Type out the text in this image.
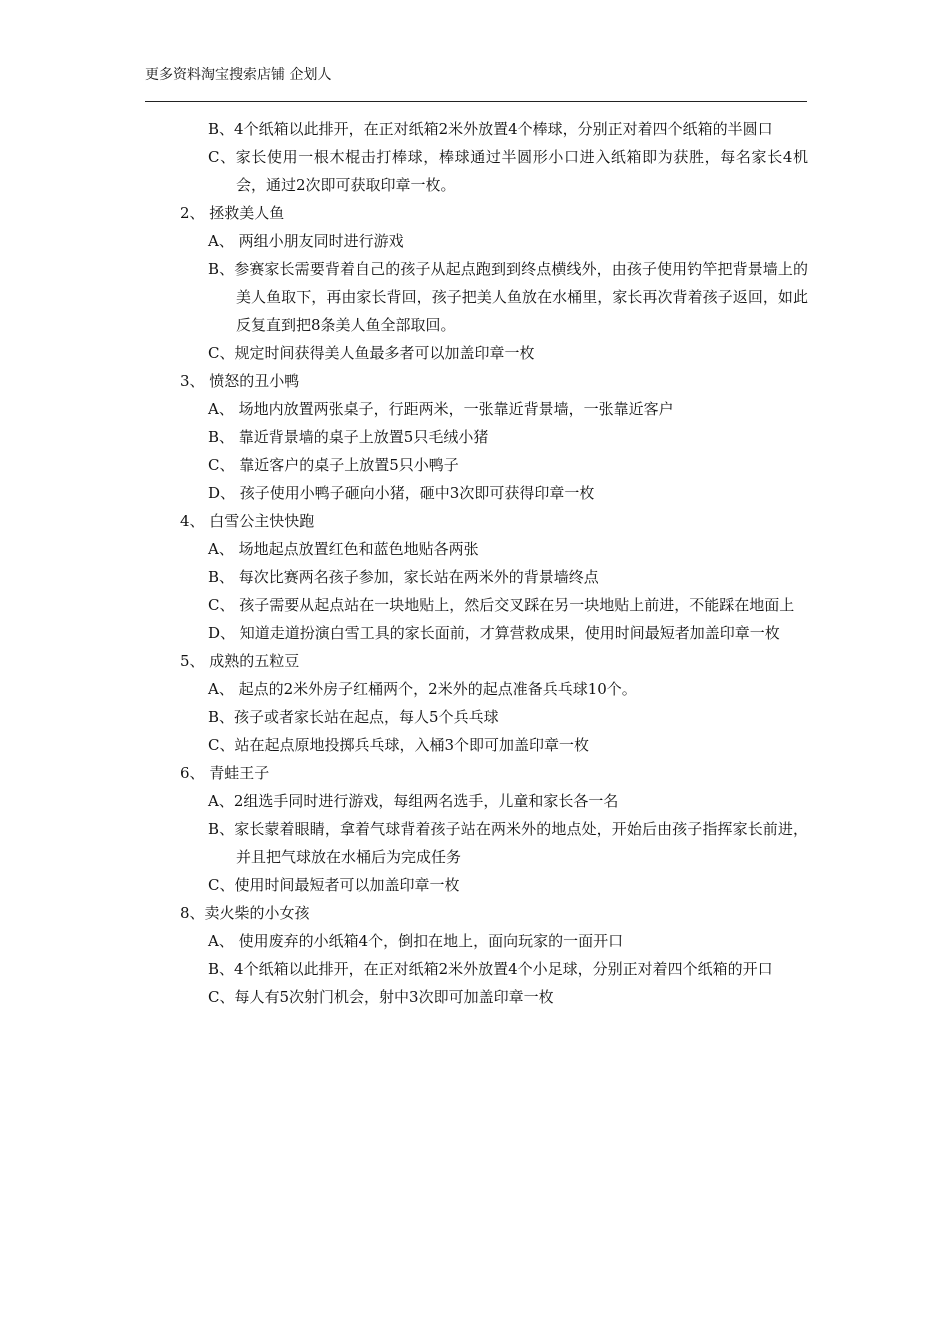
更多资料淘宝搜索店铺 企划人
B、4个纸箱以此排开，在正对纸箱2米外放置4个棒球，分别正对着四个纸箱的半圆口
C、家长使用一根木棍击打棒球，棒球通过半圆形小口进入纸箱即为获胜，每名家长4机会，通过2次即可获取印章一枚。
2、 拯救美人鱼
A、 两组小朋友同时进行游戏
B、参赛家长需要背着自己的孩子从起点跑到到终点横线外，由孩子使用钓竿把背景墙上的美人鱼取下，再由家长背回，孩子把美人鱼放在水桶里，家长再次背着孩子返回，如此反复直到把8条美人鱼全部取回。
C、规定时间获得美人鱼最多者可以加盖印章一枚
3、 愤怒的丑小鸭
A、 场地内放置两张桌子，行距两米，一张靠近背景墙，一张靠近客户
B、 靠近背景墙的桌子上放置5只毛绒小猪
C、 靠近客户的桌子上放置5只小鸭子
D、 孩子使用小鸭子砸向小猪，砸中3次即可获得印章一枚
4、 白雪公主快快跑
A、 场地起点放置红色和蓝色地贴各两张
B、 每次比赛两名孩子参加，家长站在两米外的背景墙终点
C、 孩子需要从起点站在一块地贴上，然后交叉踩在另一块地贴上前进，不能踩在地面上
D、 知道走道扮演白雪工具的家长面前，才算营救成果，使用时间最短者加盖印章一枚
5、 成熟的五粒豆
A、 起点的2米外房子红桶两个，2米外的起点准备兵乓球10个。
B、孩子或者家长站在起点，每人5个兵乓球
C、站在起点原地投掷兵乓球，入桶3个即可加盖印章一枚
6、 青蛙王子
A、2组选手同时进行游戏，每组两名选手，儿童和家长各一名
B、家长蒙着眼睛，拿着气球背着孩子站在两米外的地点处，开始后由孩子指挥家长前进，并且把气球放在水桶后为完成任务
C、使用时间最短者可以加盖印章一枚
8、卖火柴的小女孩
A、 使用废弃的小纸箱4个，倒扣在地上，面向玩家的一面开口
B、4个纸箱以此排开，在正对纸箱2米外放置4个小足球，分别正对着四个纸箱的开口
C、每人有5次射门机会，射中3次即可加盖印章一枚
